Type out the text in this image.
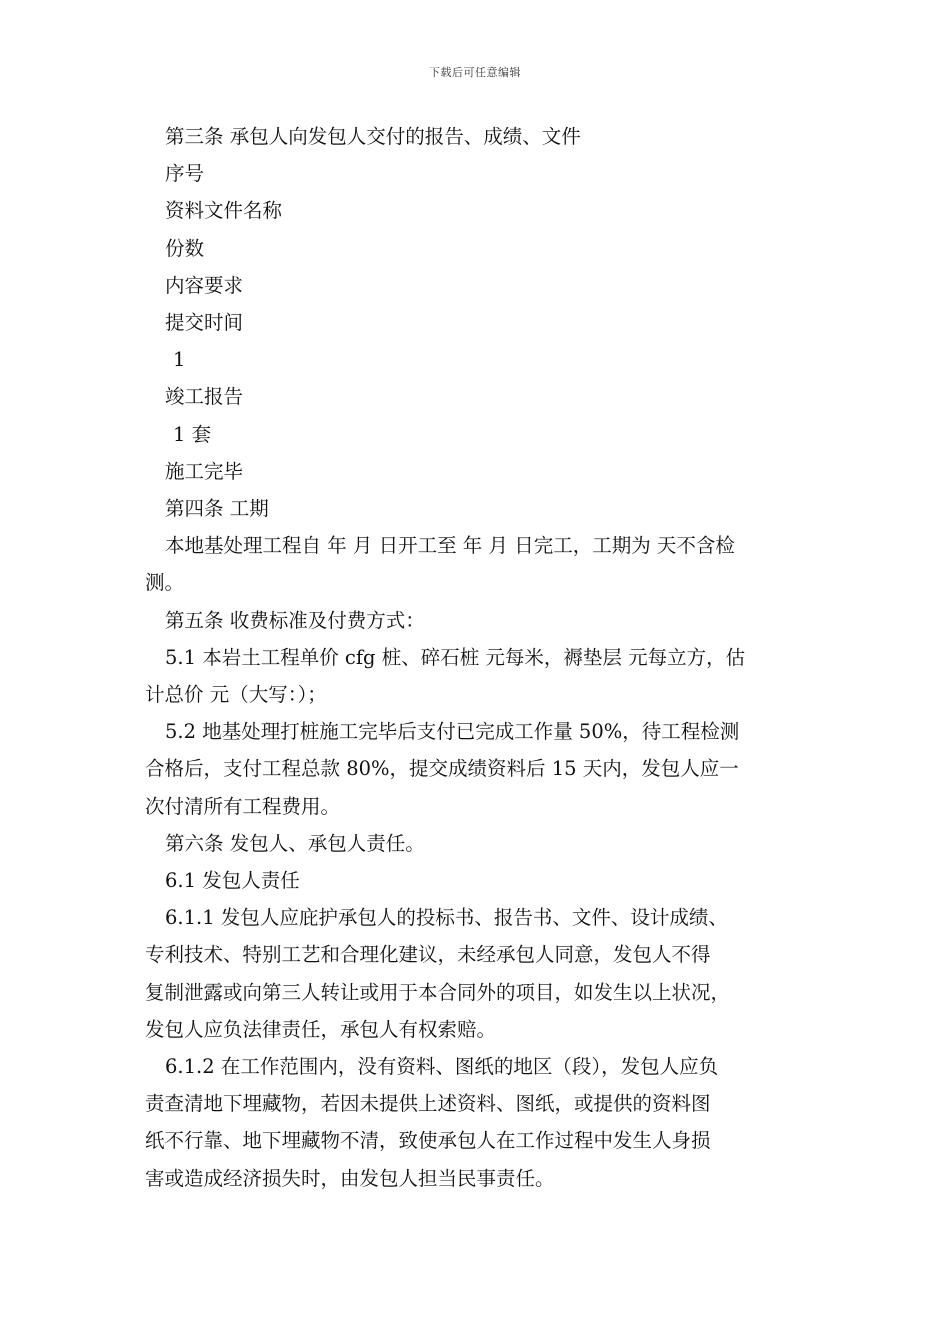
下载后可任意编辑
第三条 承包人向发包人交付的报告、成绩、文件
序号
资料文件名称
份数
内容要求
提交时间
1
竣工报告
1 套
施工完毕
第四条 工期
本地基处理工程自 年 月 日开工至 年 月 日完工，工期为 天不含检
测。
第五条 收费标准及付费方式：
5.1 本岩土工程单价 cfg 桩、碎石桩 元每米，褥垫层 元每立方，估
计总价 元（大写：）；
5.2 地基处理打桩施工完毕后支付已完成工作量 50%，待工程检测
合格后，支付工程总款 80%，提交成绩资料后 15 天内，发包人应一
次付清所有工程费用。
第六条 发包人、承包人责任。
6.1 发包人责任
6.1.1 发包人应庇护承包人的投标书、报告书、文件、设计成绩、
专利技术、特别工艺和合理化建议，未经承包人同意，发包人不得
复制泄露或向第三人转让或用于本合同外的项目，如发生以上状况，
发包人应负法律责任，承包人有权索赔。
6.1.2 在工作范围内，没有资料、图纸的地区（段），发包人应负
责查清地下埋藏物，若因未提供上述资料、图纸，或提供的资料图
纸不行靠、地下埋藏物不清，致使承包人在工作过程中发生人身损
害或造成经济损失时，由发包人担当民事责任。
